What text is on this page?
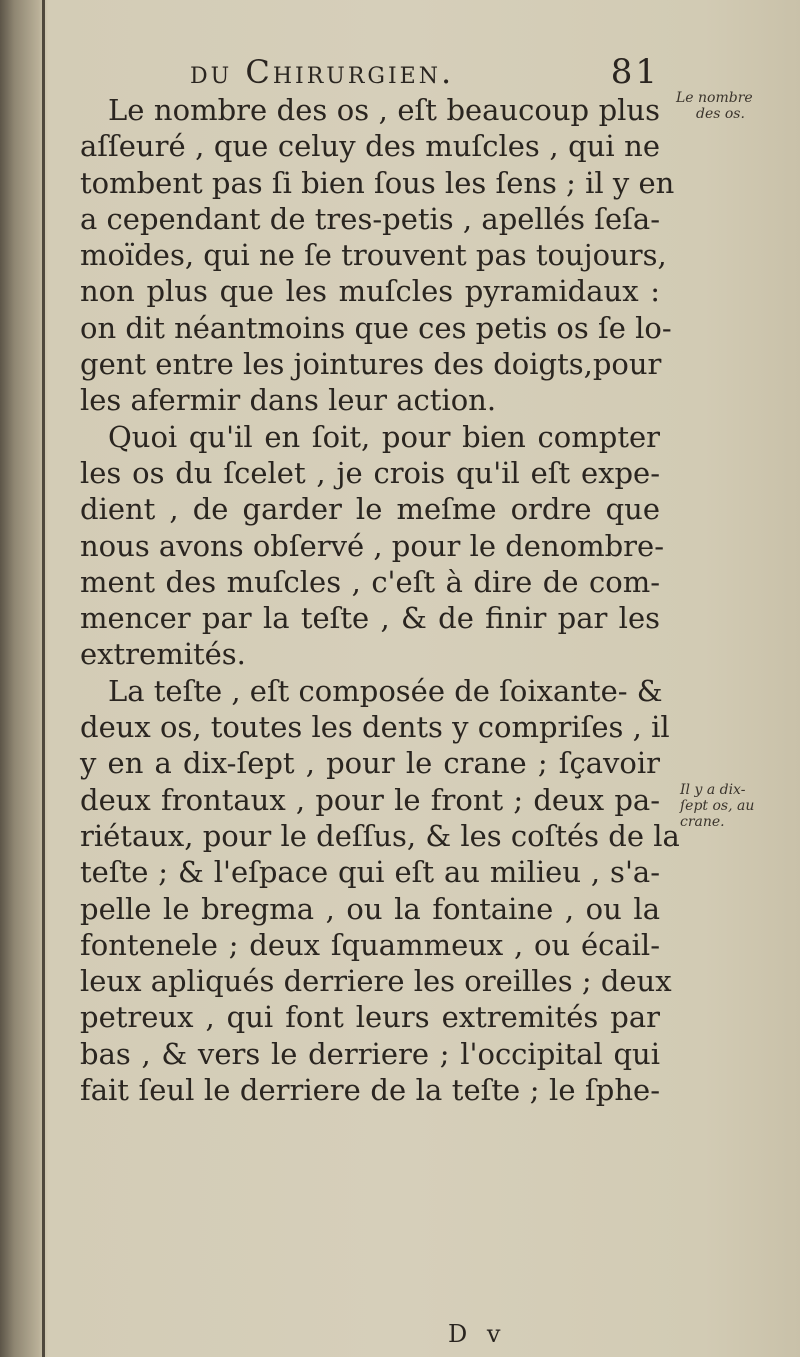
du Chirurgien.	81
Le nombre des os , eſt beaucoup plus
aſſeuré , que celuy des muſcles , qui ne
tombent pas ſi bien ſous les ſens ; il y en
a cependant de tres-petis , apellés ſeſa-
moïdes, qui ne ſe trouvent pas toujours,
non plus que les muſcles pyramidaux :
on dit néantmoins que ces petis os ſe lo-
gent entre les jointures des doigts,pour
les afermir dans leur action.
Quoi qu'il en ſoit, pour bien compter
les os du ſcelet , je crois qu'il eſt expe-
dient , de garder le meſme ordre que
nous avons obſervé , pour le denombre-
ment des muſcles , c'eſt à dire de com-
mencer par la teſte , & de finir par les
extremités.
La teſte , eſt composée de ſoixante- &
deux os, toutes les dents y compriſes , il
y en a dix-ſept , pour le crane ; ſçavoir
deux frontaux , pour le front ; deux pa-
riétaux, pour le deſſus, & les coſtés de la
teſte ; & l'eſpace qui eſt au milieu , s'a-
pelle le bregma , ou la fontaine , ou la
fontenele ; deux ſquammeux , ou écail-
leux apliqués derriere les oreilles ; deux
petreux , qui font leurs extremités par
bas , & vers le derriere ; l'occipital qui
fait ſeul le derriere de la teſte ; le ſphe-
Le nombre
des os.
Il y a dix-
ſept os, au
crane.
D v
